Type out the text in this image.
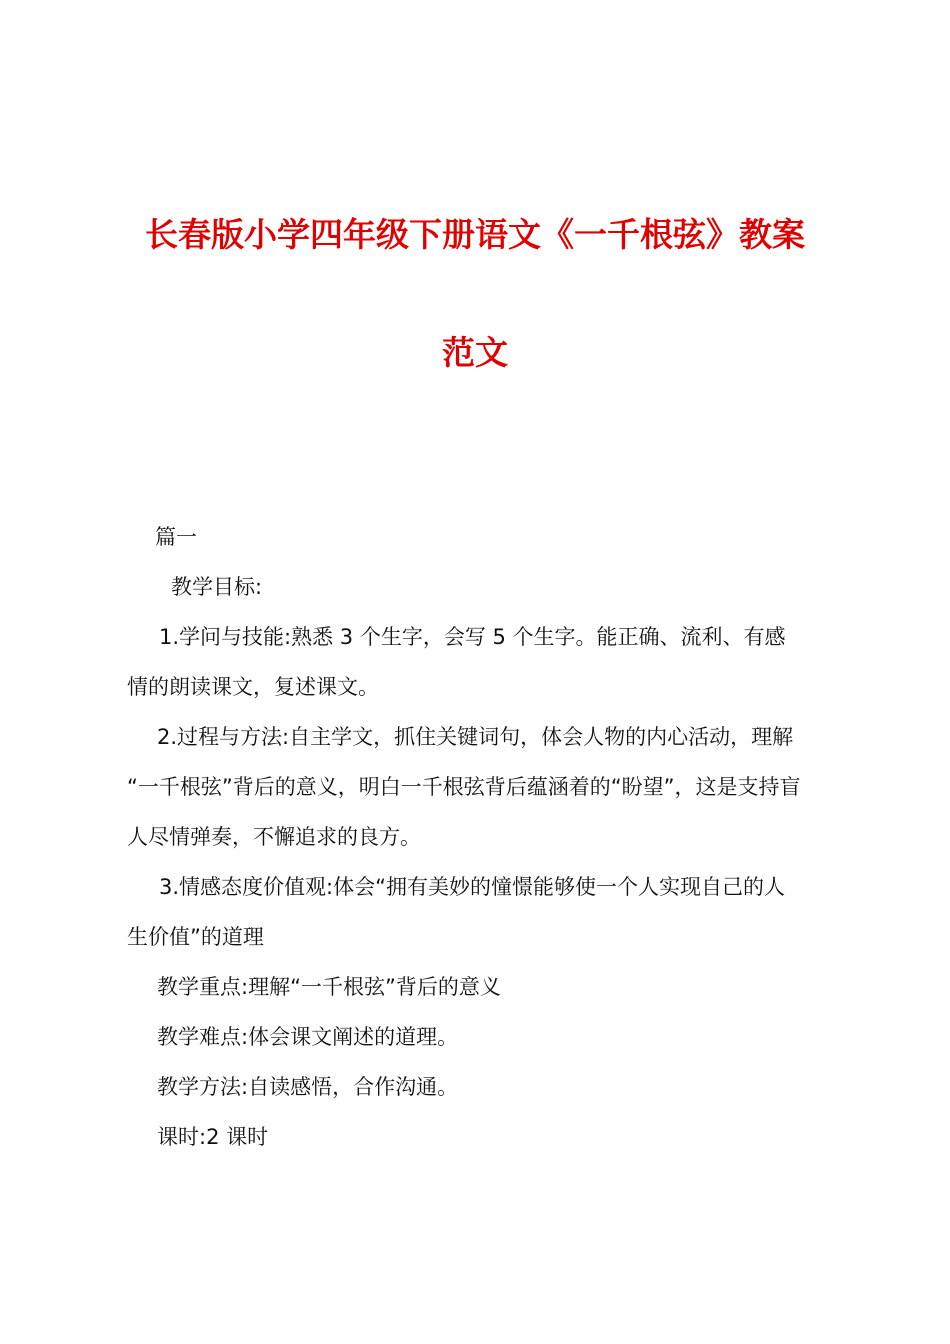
长春版小学四年级下册语文《一千根弦》教案
范文

篇一

教学目标:

1.学问与技能:熟悉 3 个生字，会写 5 个生字。能正确、流利、有感

情的朗读课文，复述课文。

2.过程与方法:自主学文，抓住关键词句，体会人物的内心活动，理解

“一千根弦”背后的意义，明白一千根弦背后蕴涵着的“盼望”，这是支持盲

人尽情弹奏，不懈追求的良方。

3.情感态度价值观:体会“拥有美妙的憧憬能够使一个人实现自己的人

生价值”的道理

教学重点:理解“一千根弦”背后的意义

教学难点:体会课文阐述的道理。

教学方法:自读感悟，合作沟通。

课时:2 课时
